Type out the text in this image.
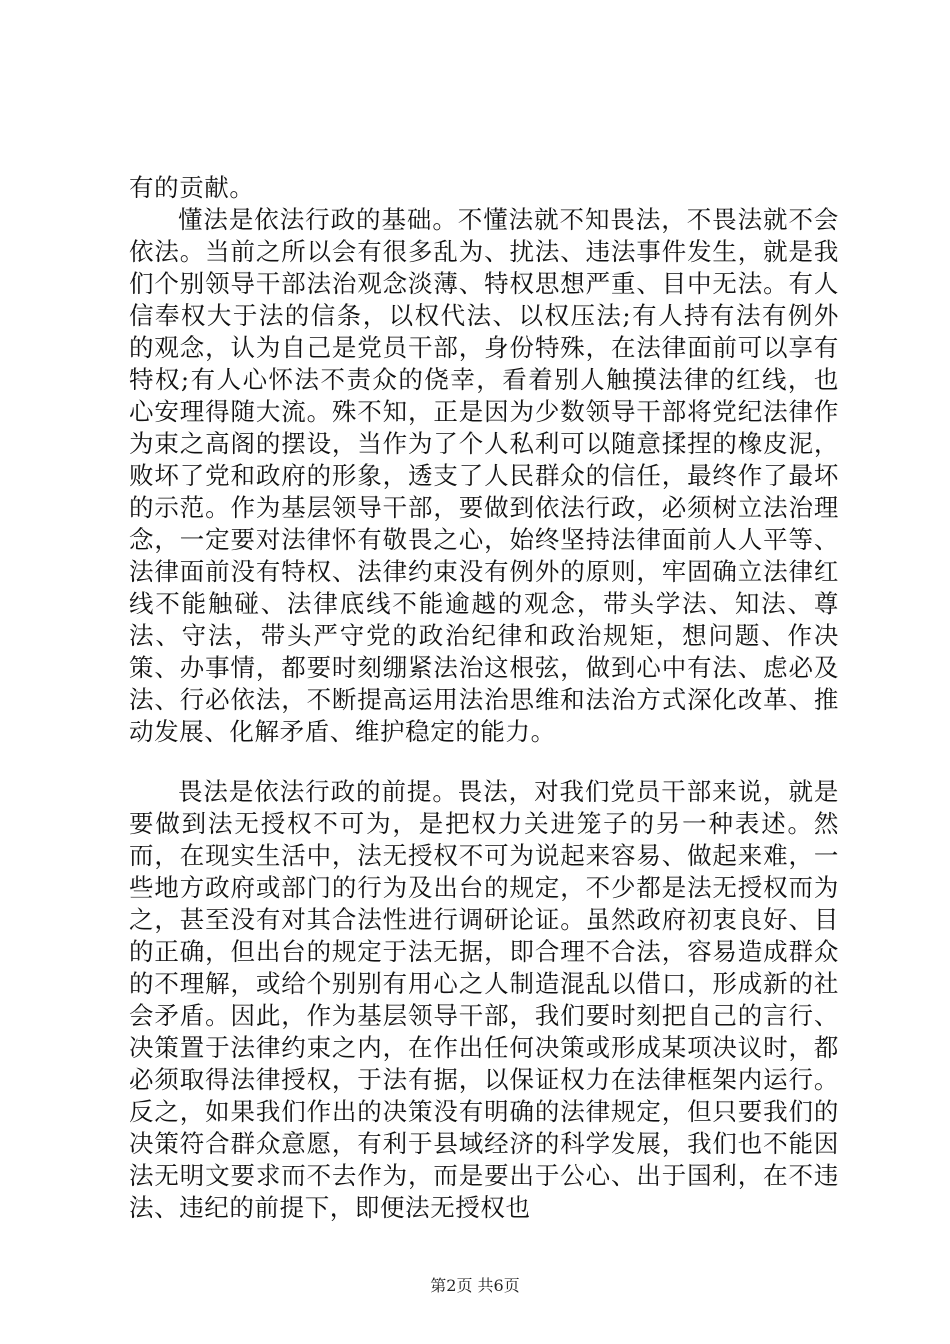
有的贡献。

懂法是依法行政的基础。不懂法就不知畏法，不畏法就不会依法。当前之所以会有很多乱为、扰法、违法事件发生，就是我们个别领导干部法治观念淡薄、特权思想严重、目中无法。有人信奉权大于法的信条，以权代法、以权压法;有人持有法有例外的观念，认为自己是党员干部，身份特殊，在法律面前可以享有特权;有人心怀法不责众的侥幸，看着别人触摸法律的红线，也心安理得随大流。殊不知，正是因为少数领导干部将党纪法律作为束之高阁的摆设，当作为了个人私利可以随意揉捏的橡皮泥，败坏了党和政府的形象，透支了人民群众的信任，最终作了最坏的示范。作为基层领导干部，要做到依法行政，必须树立法治理念，一定要对法律怀有敬畏之心，始终坚持法律面前人人平等、法律面前没有特权、法律约束没有例外的原则，牢固确立法律红线不能触碰、法律底线不能逾越的观念，带头学法、知法、尊法、守法，带头严守党的政治纪律和政治规矩，想问题、作决策、办事情，都要时刻绷紧法治这根弦，做到心中有法、虑必及法、行必依法，不断提高运用法治思维和法治方式深化改革、推动发展、化解矛盾、维护稳定的能力。

畏法是依法行政的前提。畏法，对我们党员干部来说，就是要做到法无授权不可为，是把权力关进笼子的另一种表述。然而，在现实生活中，法无授权不可为说起来容易、做起来难，一些地方政府或部门的行为及出台的规定，不少都是法无授权而为之，甚至没有对其合法性进行调研论证。虽然政府初衷良好、目的正确，但出台的规定于法无据，即合理不合法，容易造成群众的不理解，或给个别别有用心之人制造混乱以借口，形成新的社会矛盾。因此，作为基层领导干部，我们要时刻把自己的言行、决策置于法律约束之内，在作出任何决策或形成某项决议时，都必须取得法律授权，于法有据，以保证权力在法律框架内运行。反之，如果我们作出的决策没有明确的法律规定，但只要我们的决策符合群众意愿，有利于县域经济的科学发展，我们也不能因法无明文要求而不去作为，而是要出于公心、出于国利，在不违法、违纪的前提下，即便法无授权也

第2页 共6页
